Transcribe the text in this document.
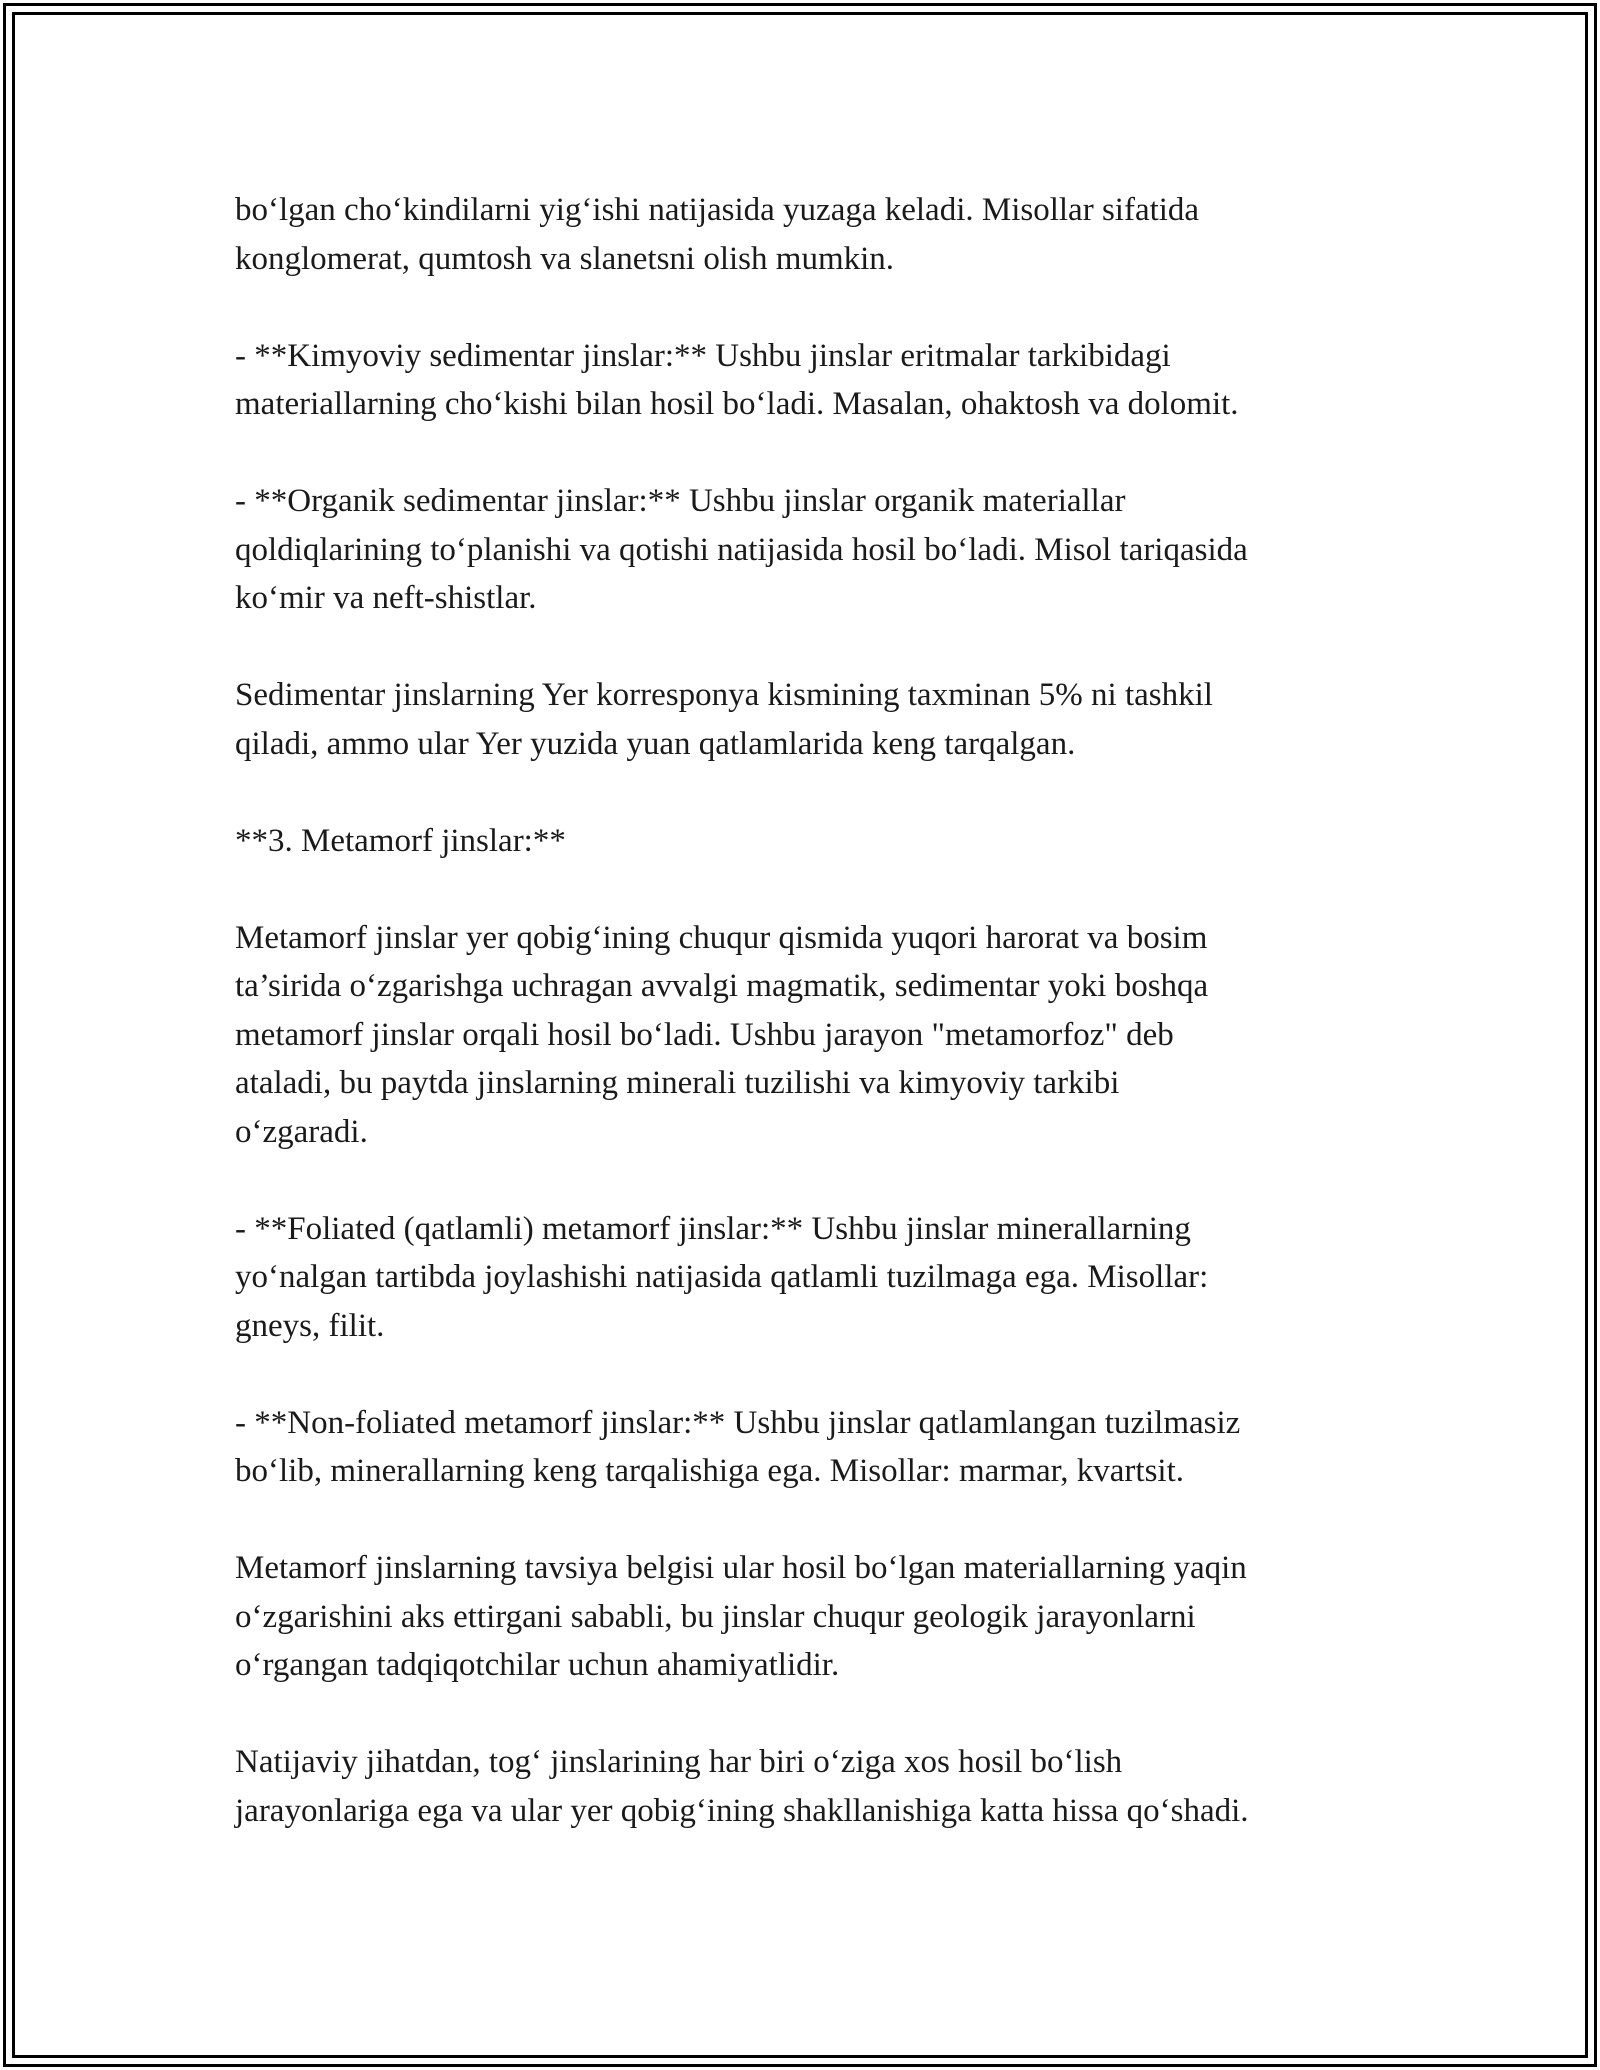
bo‘lgan cho‘kindilarni yig‘ishi natijasida yuzaga keladi. Misollar sifatida
konglomerat, qumtosh va slanetsni olish mumkin.

- **Kimyoviy sedimentar jinslar:** Ushbu jinslar eritmalar tarkibidagi
materiallarning cho‘kishi bilan hosil bo‘ladi. Masalan, ohaktosh va dolomit.

- **Organik sedimentar jinslar:** Ushbu jinslar organik materiallar
qoldiqlarining to‘planishi va qotishi natijasida hosil bo‘ladi. Misol tariqasida
ko‘mir va neft-shistlar.

Sedimentar jinslarning Yer korresponya kismining taxminan 5% ni tashkil
qiladi, ammo ular Yer yuzida yuan qatlamlarida keng tarqalgan.

**3. Metamorf jinslar:**

Metamorf jinslar yer qobig‘ining chuqur qismida yuqori harorat va bosim
ta’sirida o‘zgarishga uchragan avvalgi magmatik, sedimentar yoki boshqa
metamorf jinslar orqali hosil bo‘ladi. Ushbu jarayon "metamorfoz" deb
ataladi, bu paytda jinslarning minerali tuzilishi va kimyoviy tarkibi
o‘zgaradi.

- **Foliated (qatlamli) metamorf jinslar:** Ushbu jinslar minerallarning
yo‘nalgan tartibda joylashishi natijasida qatlamli tuzilmaga ega. Misollar:
gneys, filit.

- **Non-foliated metamorf jinslar:** Ushbu jinslar qatlamlangan tuzilmasiz
bo‘lib, minerallarning keng tarqalishiga ega. Misollar: marmar, kvartsit.

Metamorf jinslarning tavsiya belgisi ular hosil bo‘lgan materiallarning yaqin
o‘zgarishini aks ettirgani sababli, bu jinslar chuqur geologik jarayonlarni
o‘rgangan tadqiqotchilar uchun ahamiyatlidir.

Natijaviy jihatdan, tog‘ jinslarining har biri o‘ziga xos hosil bo‘lish
jarayonlariga ega va ular yer qobig‘ining shakllanishiga katta hissa qo‘shadi.
